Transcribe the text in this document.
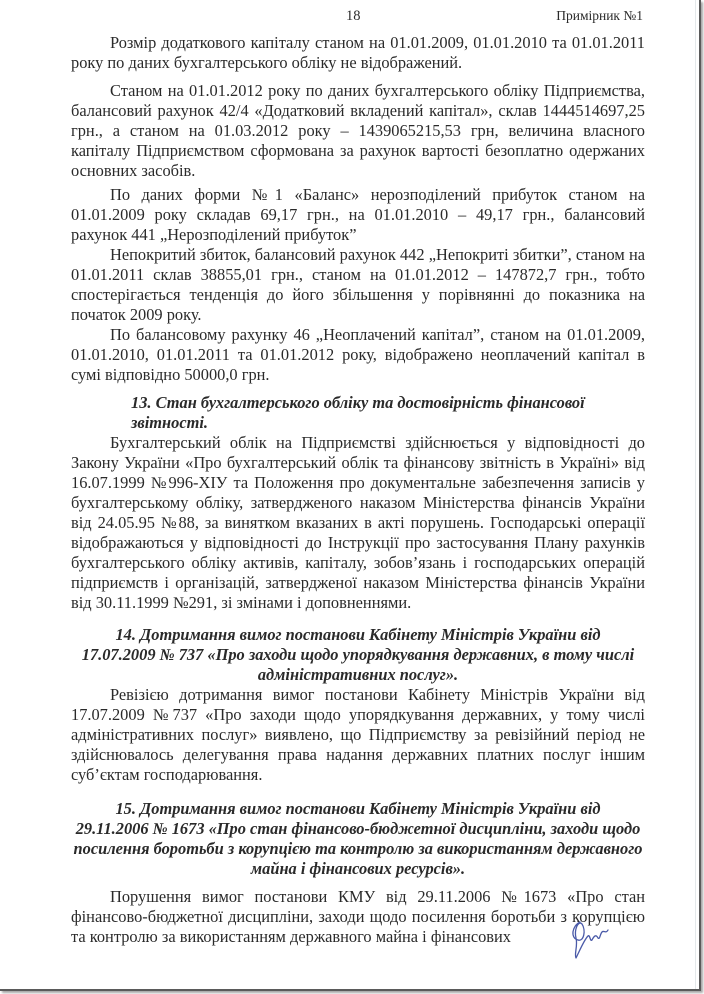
18	Примірник №1

Розмір додаткового капіталу станом на 01.01.2009, 01.01.2010 та 01.01.2011 року по даних бухгалтерського обліку не відображений.

Станом на 01.01.2012 року по даних бухгалтерського обліку Підприємства, балансовий рахунок 42/4 «Додатковий вкладений капітал», склав 1444514697,25 грн., а станом на 01.03.2012 року – 1439065215,53 грн, величина власного капіталу Підприємством сформована за рахунок вартості безоплатно одержаних основних засобів.

По даних форми №1 «Баланс» нерозподілений прибуток станом на 01.01.2009 року складав 69,17 грн., на 01.01.2010 – 49,17 грн., балансовий рахунок 441 „Нерозподілений прибуток”

Непокритий збиток, балансовий рахунок 442 „Непокриті збитки”, станом на 01.01.2011 склав 38855,01 грн., станом на 01.01.2012 – 147872,7 грн., тобто спостерігається тенденція до його збільшення у порівнянні до показника на початок 2009 року.

По балансовому рахунку 46 „Неоплачений капітал”, станом на 01.01.2009, 01.01.2010, 01.01.2011 та 01.01.2012 року, відображено неоплачений капітал в сумі відповідно 50000,0 грн.

13. Стан бухгалтерського обліку та достовірність фінансової звітності.

Бухгалтерський облік на Підприємстві здійснюється у відповідності до Закону України «Про бухгалтерський облік та фінансову звітність в Україні» від 16.07.1999 №996-XIУ та Положення про документальне забезпечення записів у бухгалтерському обліку, затвердженого наказом Міністерства фінансів України від 24.05.95 №88, за винятком вказаних в акті порушень. Господарські операції відображаються у відповідності до Інструкції про застосування Плану рахунків бухгалтерського обліку активів, капіталу, зобов’язань і господарських операцій підприємств і організацій, затвердженої наказом Міністерства фінансів України від 30.11.1999 №291, зі змінами і доповненнями.

14. Дотримання вимог постанови Кабінету Міністрів України від
17.07.2009 № 737 «Про заходи щодо упорядкування державних, в тому числі
адміністративних послуг».

Ревізією дотримання вимог постанови Кабінету Міністрів України від 17.07.2009 №737 «Про заходи щодо упорядкування державних, у тому числі адміністративних послуг» виявлено, що Підприємству за ревізійний період не здійснювалось делегування права надання державних платних послуг іншим суб’єктам господарювання.

15. Дотримання вимог постанови Кабінету Міністрів України від
29.11.2006 № 1673 «Про стан фінансово-бюджетної дисципліни, заходи щодо
посилення боротьби з корупцією та контролю за використанням державного
майна і фінансових ресурсів».

Порушення вимог постанови КМУ від 29.11.2006 №1673 «Про стан фінансово-бюджетної дисципліни, заходи щодо посилення боротьби з корупцією та контролю за використанням державного майна і фінансових
